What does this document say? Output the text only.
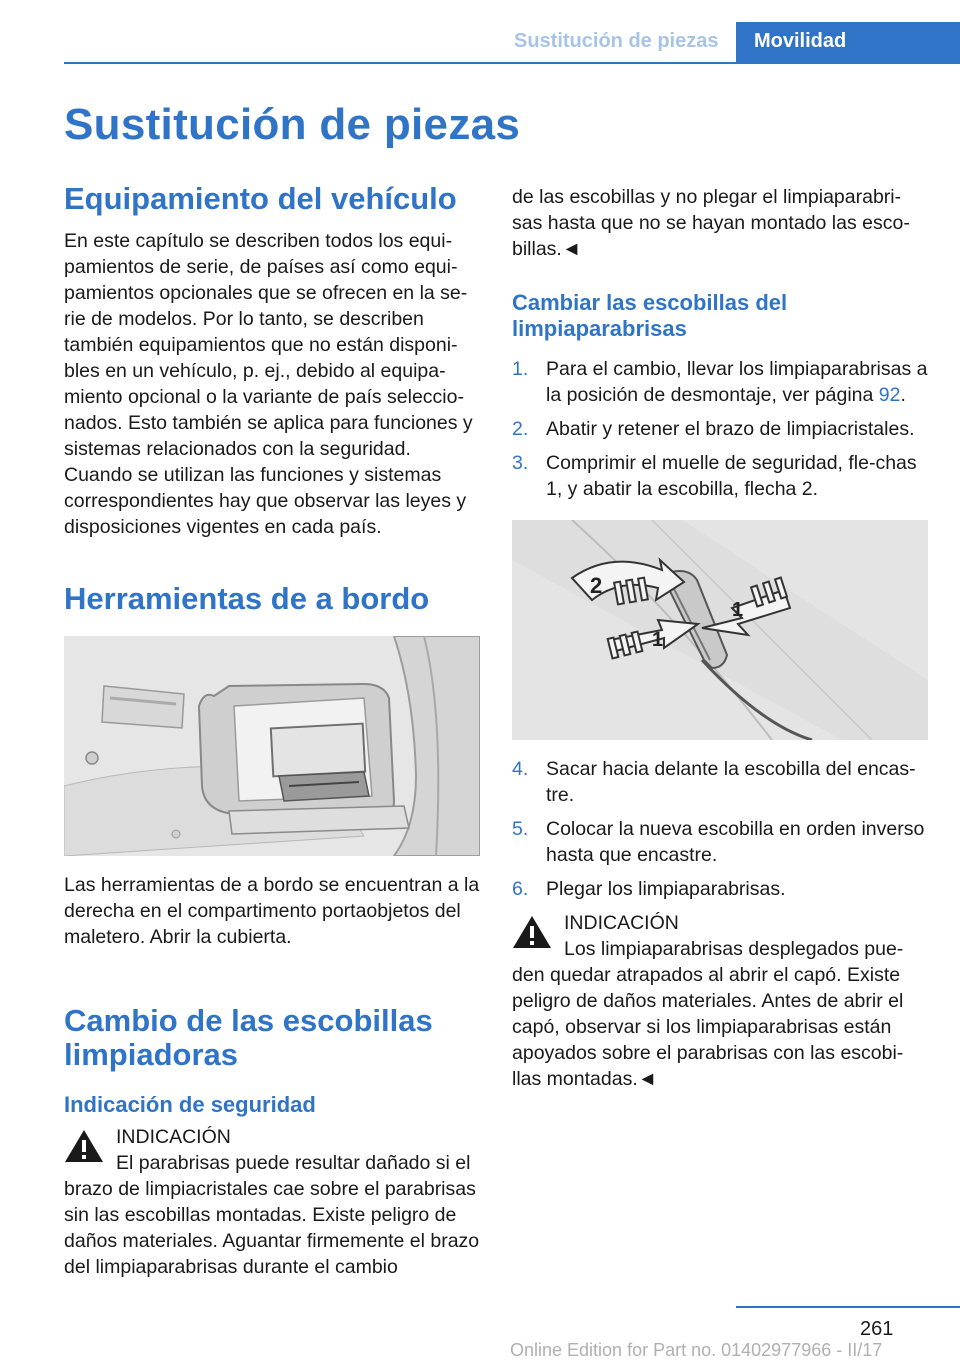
Sustitución de piezas	Movilidad
Sustitución de piezas
Equipamiento del vehículo

En este capítulo se describen todos los equi-pamientos de serie, de países así como equi-pamientos opcionales que se ofrecen en la se-rie de modelos. Por lo tanto, se describen también equipamientos que no están disponi-bles en un vehículo, p. ej., debido al equipa-miento opcional o la variante de país seleccio-nados. Esto también se aplica para funciones y sistemas relacionados con la seguridad. Cuando se utilizan las funciones y sistemas correspondientes hay que observar las leyes y disposiciones vigentes en cada país.

Herramientas de a bordo

Las herramientas de a bordo se encuentran a la derecha en el compartimento portaobjetos del maletero. Abrir la cubierta.

Cambio de las escobillas limpiadoras
Indicación de seguridad
INDICACIÓN
El parabrisas puede resultar dañado si el

brazo de limpiacristales cae sobre el parabrisas sin las escobillas montadas. Existe peligro de daños materiales. Aguantar firmemente el brazo del limpiaparabrisas durante el cambio

de las escobillas y no plegar el limpiaparabri-sas hasta que no se hayan montado las esco-billas.◄

Cambiar las escobillas del limpiaparabrisas
1. Para el cambio, llevar los limpiaparabrisas a la posición de desmontaje, ver página 92.
2. Abatir y retener el brazo de limpiacristales.
3. Comprimir el muelle de seguridad, fle-chas 1, y abatir la escobilla, flecha 2.
2
1
1
4. Sacar hacia delante la escobilla del encas-tre.
5. Colocar la nueva escobilla en orden inverso hasta que encastre.
6. Plegar los limpiaparabrisas.
INDICACIÓN
Los limpiaparabrisas desplegados pue-

den quedar atrapados al abrir el capó. Existe peligro de daños materiales. Antes de abrir el capó, observar si los limpiaparabrisas están apoyados sobre el parabrisas con las escobi-llas montadas.◄

261
Online Edition for Part no. 01402977966 - II/17
